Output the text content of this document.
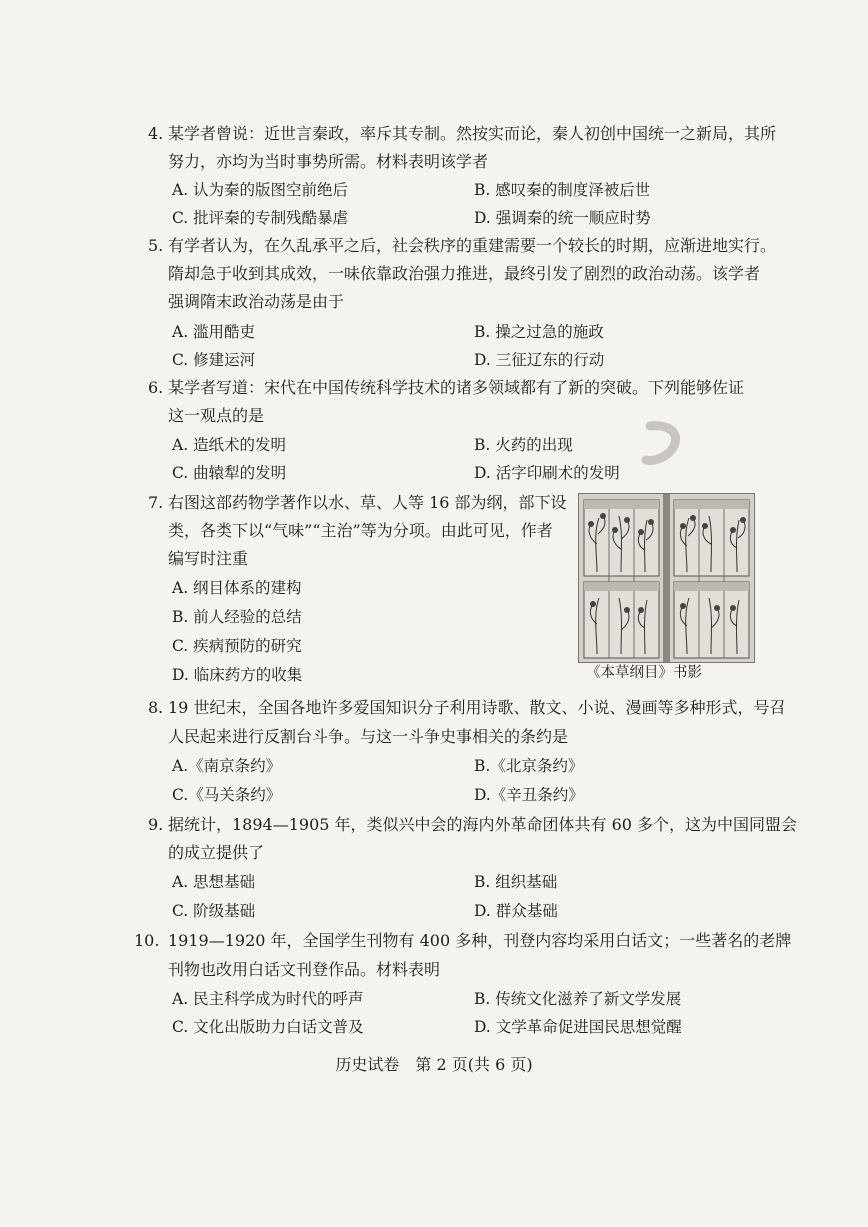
4. 某学者曾说：近世言秦政，率斥其专制。然按实而论，秦人初创中国统一之新局，其所
努力，亦均为当时事势所需。材料表明该学者
A. 认为秦的版图空前绝后	B. 感叹秦的制度泽被后世
C. 批评秦的专制残酷暴虐	D. 强调秦的统一顺应时势
5. 有学者认为，在久乱承平之后，社会秩序的重建需要一个较长的时期，应渐进地实行。
隋却急于收到其成效，一味依靠政治强力推进，最终引发了剧烈的政治动荡。该学者
强调隋末政治动荡是由于
A. 滥用酷吏	B. 操之过急的施政
C. 修建运河	D. 三征辽东的行动
6. 某学者写道：宋代在中国传统科学技术的诸多领域都有了新的突破。下列能够佐证
这一观点的是
A. 造纸术的发明	B. 火药的出现
C. 曲辕犁的发明	D. 活字印刷术的发明
7. 右图这部药物学著作以水、草、人等 16 部为纲，部下设
类，各类下以“气味”“主治”等为分项。由此可见，作者
编写时注重
A. 纲目体系的建构
B. 前人经验的总结
C. 疾病预防的研究
D. 临床药方的收集	《本草纲目》书影
8. 19 世纪末，全国各地许多爱国知识分子利用诗歌、散文、小说、漫画等多种形式，号召
人民起来进行反割台斗争。与这一斗争史事相关的条约是
A.《南京条约》	B.《北京条约》
C.《马关条约》	D.《辛丑条约》
9. 据统计，1894—1905 年，类似兴中会的海内外革命团体共有 60 多个，这为中国同盟会
的成立提供了
A. 思想基础	B. 组织基础
C. 阶级基础	D. 群众基础
10. 1919—1920 年，全国学生刊物有 400 多种，刊登内容均采用白话文；一些著名的老牌
刊物也改用白话文刊登作品。材料表明
A. 民主科学成为时代的呼声	B. 传统文化滋养了新文学发展
C. 文化出版助力白话文普及	D. 文学革命促进国民思想觉醒
历史试卷　第 2 页(共 6 页)
